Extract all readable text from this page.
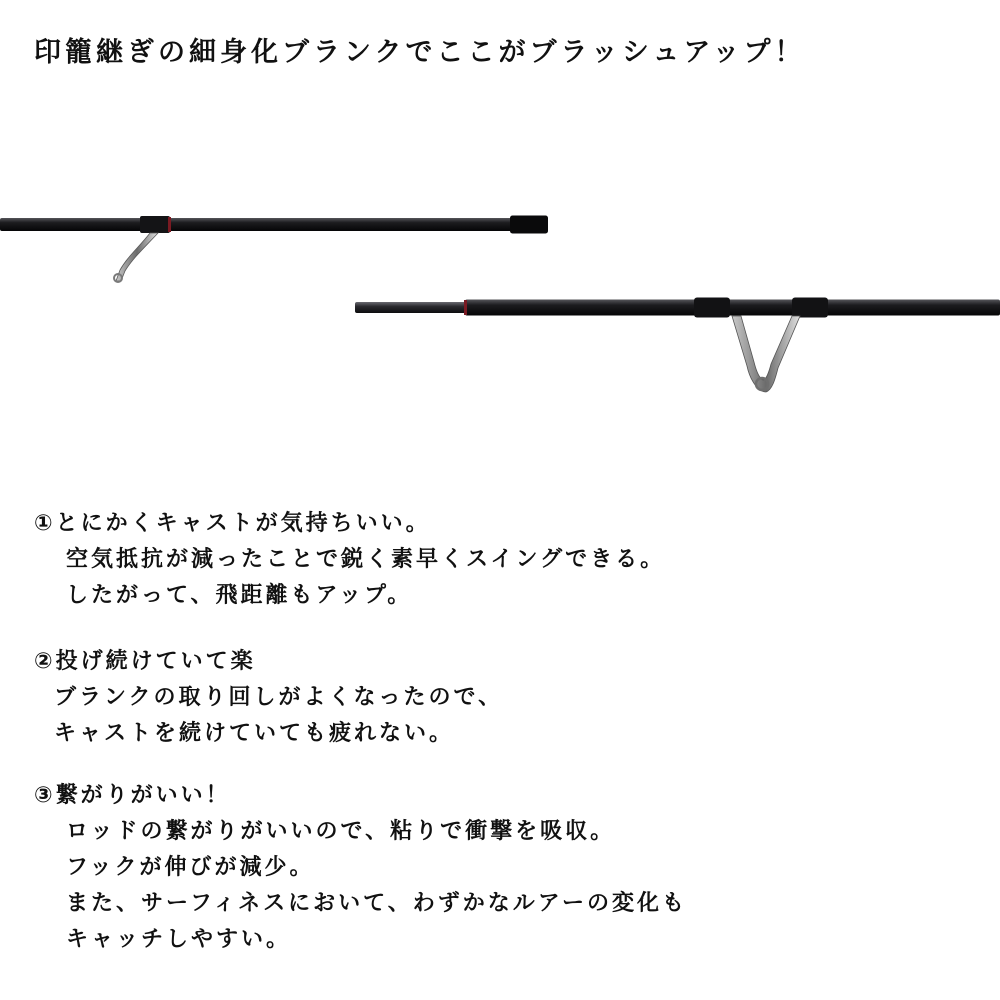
印籠継ぎの細身化ブランクでここがブラッシュアップ！
①とにかくキャストが気持ちいい。
空気抵抗が減ったことで鋭く素早くスイングできる。
したがって、飛距離もアップ。
②投げ続けていて楽
ブランクの取り回しがよくなったので、
キャストを続けていても疲れない。
③繋がりがいい！
ロッドの繋がりがいいので、粘りで衝撃を吸収。
フックが伸びが減少。
また、サーフィネスにおいて、わずかなルアーの変化も
キャッチしやすい。
